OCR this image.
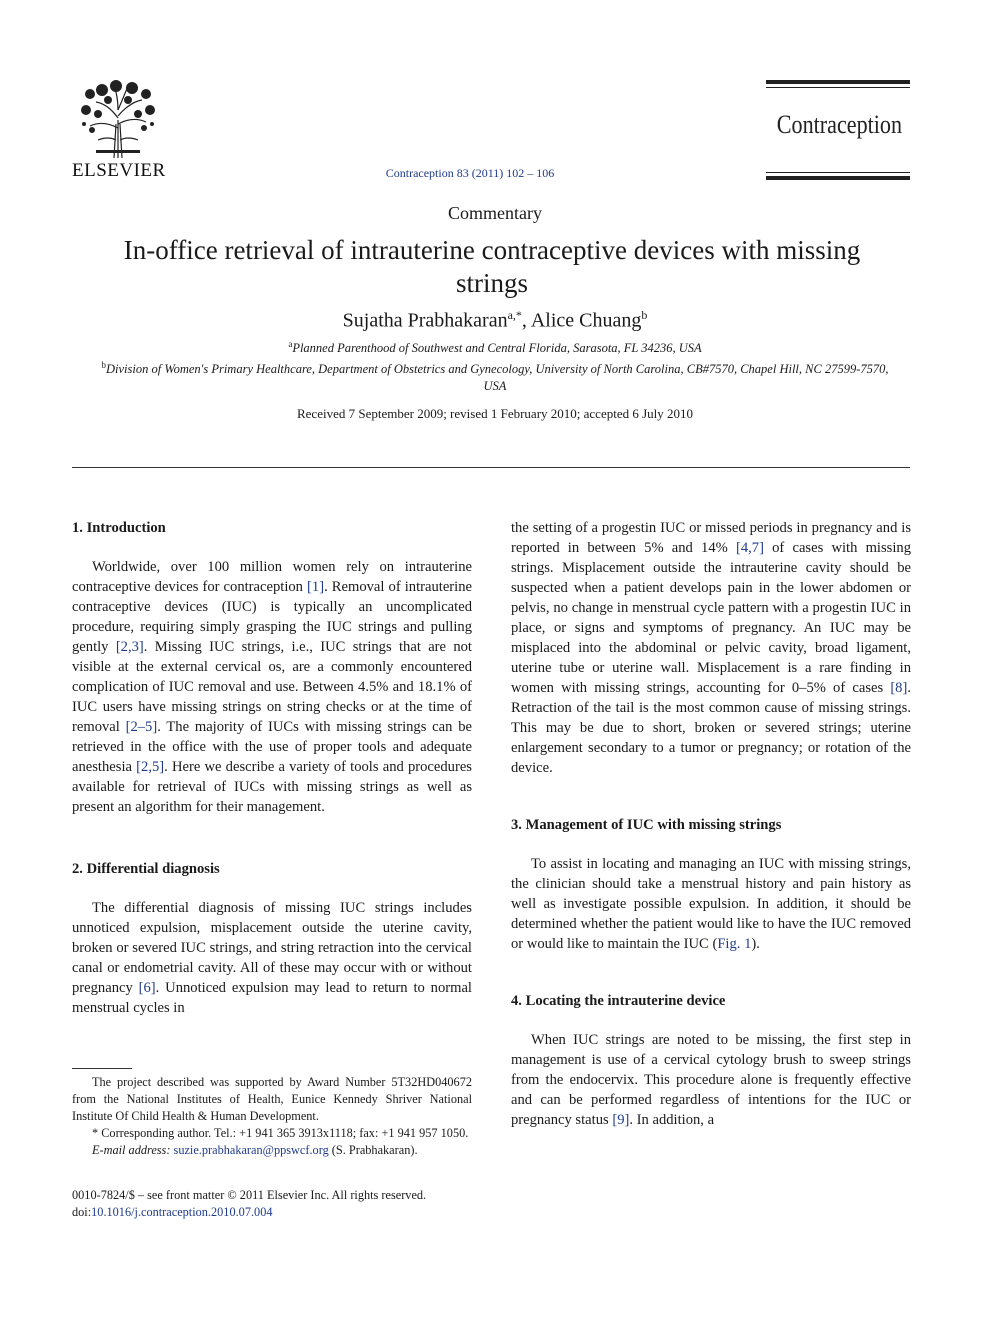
ELSEVIER	Contraception 83 (2011) 102 – 106
Contraception
Commentary
In-office retrieval of intrauterine contraceptive devices with missing strings
Sujatha Prabhakaran$^{a,*}$, Alice Chuang$^b$
$^a$Planned Parenthood of Southwest and Central Florida, Sarasota, FL 34236, USA
$^b$Division of Women's Primary Healthcare, Department of Obstetrics and Gynecology, University of North Carolina, CB#7570, Chapel Hill, NC 27599-7570, USA
Received 7 September 2009; revised 1 February 2010; accepted 6 July 2010
1. Introduction

Worldwide, over 100 million women rely on intrauterine contraceptive devices for contraception [1]. Removal of intrauterine contraceptive devices (IUC) is typically an uncomplicated procedure, requiring simply grasping the IUC strings and pulling gently [2,3]. Missing IUC strings, i.e., IUC strings that are not visible at the external cervical os, are a commonly encountered complication of IUC removal and use. Between 4.5% and 18.1% of IUC users have missing strings on string checks or at the time of removal [2–5]. The majority of IUCs with missing strings can be retrieved in the office with the use of proper tools and adequate anesthesia [2,5]. Here we describe a variety of tools and procedures available for retrieval of IUCs with missing strings as well as present an algorithm for their management.

2. Differential diagnosis

The differential diagnosis of missing IUC strings includes unnoticed expulsion, misplacement outside the uterine cavity, broken or severed IUC strings, and string retraction into the cervical canal or endometrial cavity. All of these may occur with or without pregnancy [6]. Unnoticed expulsion may lead to return to normal menstrual cycles in

the setting of a progestin IUC or missed periods in pregnancy and is reported in between 5% and 14% [4,7] of cases with missing strings. Misplacement outside the intrauterine cavity should be suspected when a patient develops pain in the lower abdomen or pelvis, no change in menstrual cycle pattern with a progestin IUC in place, or signs and symptoms of pregnancy. An IUC may be misplaced into the abdominal or pelvic cavity, broad ligament, uterine tube or uterine wall. Misplacement is a rare finding in women with missing strings, accounting for 0–5% of cases [8]. Retraction of the tail is the most common cause of missing strings. This may be due to short, broken or severed strings; uterine enlargement secondary to a tumor or pregnancy; or rotation of the device.

3. Management of IUC with missing strings

To assist in locating and managing an IUC with missing strings, the clinician should take a menstrual history and pain history as well as investigate possible expulsion. In addition, it should be determined whether the patient would like to have the IUC removed or would like to maintain the IUC (Fig. 1).

4. Locating the intrauterine device

When IUC strings are noted to be missing, the first step in management is use of a cervical cytology brush to sweep strings from the endocervix. This procedure alone is frequently effective and can be performed regardless of intentions for the IUC or pregnancy status [9]. In addition, a

The project described was supported by Award Number 5T32HD040672 from the National Institutes of Health, Eunice Kennedy Shriver National Institute Of Child Health & Human Development.

* Corresponding author. Tel.: +1 941 365 3913x1118; fax: +1 941 957 1050.

E-mail address: suzie.prabhakaran@ppswcf.org (S. Prabhakaran).

0010-7824/$ – see front matter © 2011 Elsevier Inc. All rights reserved.

doi:10.1016/j.contraception.2010.07.004
